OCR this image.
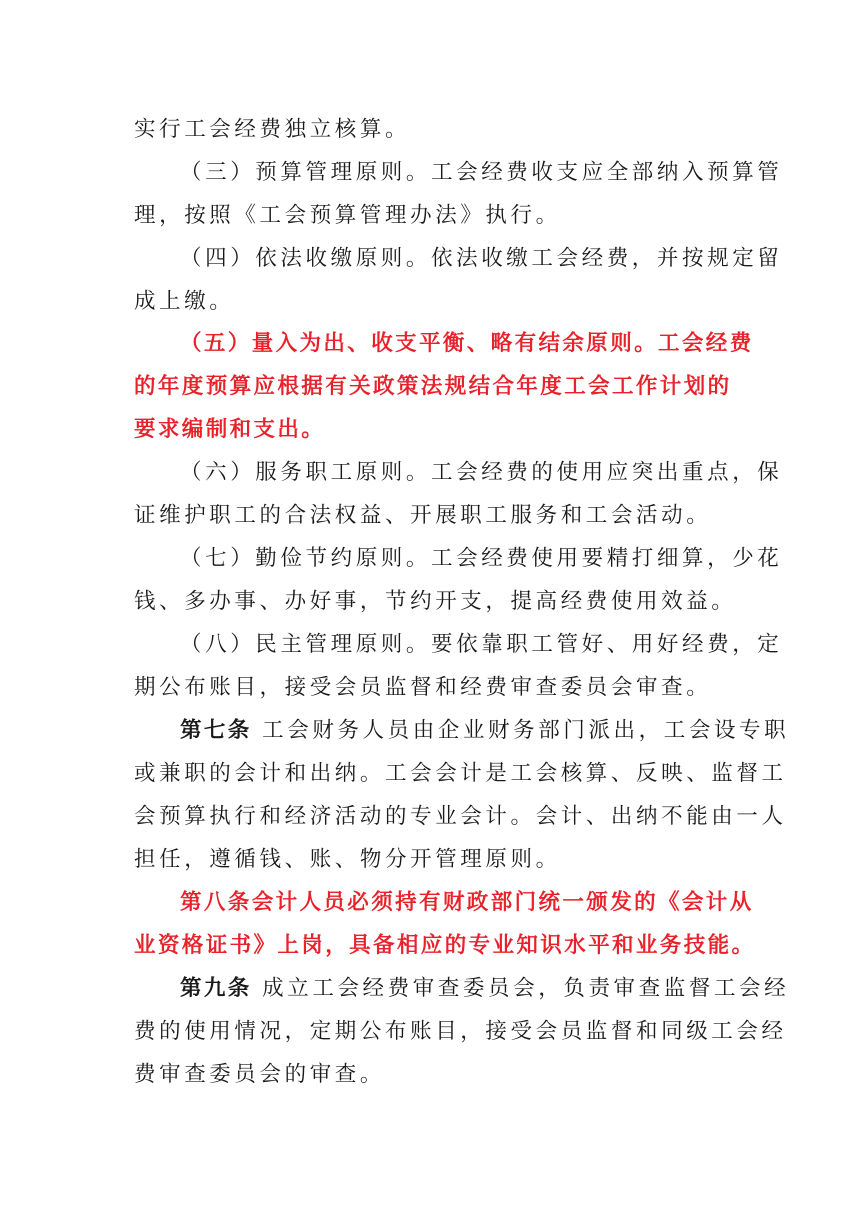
实行工会经费独立核算。
（三）预算管理原则。工会经费收支应全部纳入预算管
理，按照《工会预算管理办法》执行。
（四）依法收缴原则。依法收缴工会经费，并按规定留
成上缴。
（五）量入为出、收支平衡、略有结余原则。工会经费
的年度预算应根据有关政策法规结合年度工会工作计划的
要求编制和支出。
（六）服务职工原则。工会经费的使用应突出重点，保
证维护职工的合法权益、开展职工服务和工会活动。
（七）勤俭节约原则。工会经费使用要精打细算，少花
钱、多办事、办好事，节约开支，提高经费使用效益。
（八）民主管理原则。要依靠职工管好、用好经费，定
期公布账目，接受会员监督和经费审查委员会审查。
第七条 工会财务人员由企业财务部门派出，工会设专职
或兼职的会计和出纳。工会会计是工会核算、反映、监督工
会预算执行和经济活动的专业会计。会计、出纳不能由一人
担任，遵循钱、账、物分开管理原则。
第八条会计人员必须持有财政部门统一颁发的《会计从
业资格证书》上岗，具备相应的专业知识水平和业务技能。
第九条 成立工会经费审查委员会，负责审查监督工会经
费的使用情况，定期公布账目，接受会员监督和同级工会经
费审查委员会的审查。
